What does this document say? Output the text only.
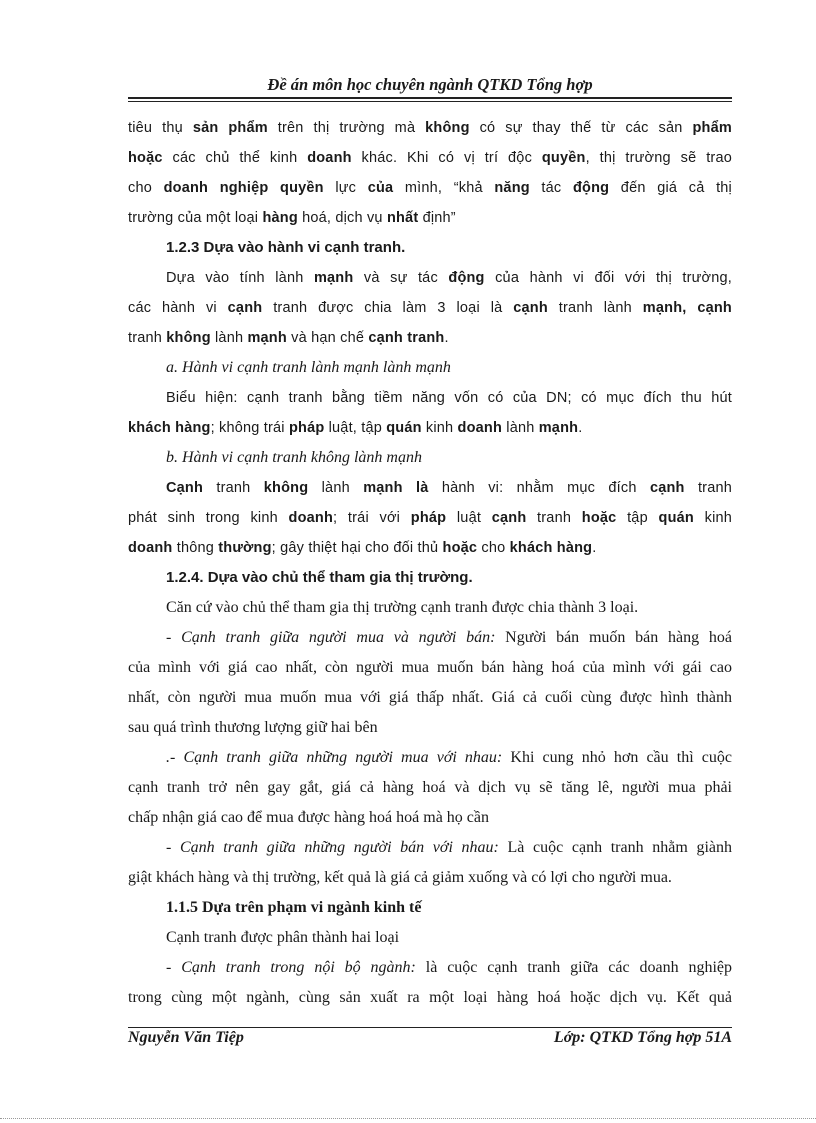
Đề án môn học chuyên ngành QTKD Tổng hợp

tiêu thụ sản phẩm trên thị trường mà không có sự thay thế từ các sản phẩm

hoặc các chủ thể kinh doanh khác. Khi có vị trí độc quyền, thị trường sẽ trao

cho doanh nghiệp quyền lực của mình, “khả năng tác động đến giá cả thị

trường của một loại hàng hoá, dịch vụ nhất định”

1.2.3 Dựa vào hành vi cạnh tranh.

Dựa vào tính lành mạnh và sự tác động của hành vi đối với thị trường,

các hành vi cạnh tranh được chia làm 3 loại là cạnh tranh lành mạnh, cạnh

tranh không lành mạnh và hạn chế cạnh tranh.

a. Hành vi cạnh tranh lành mạnh lành mạnh

Biểu hiện: cạnh tranh bằng tiềm năng vốn có của DN; có mục đích thu hút

khách hàng; không trái pháp luật, tập quán kinh doanh lành mạnh.

b. Hành vi cạnh tranh không lành mạnh

Cạnh tranh không lành mạnh là hành vi: nhằm mục đích cạnh tranh

phát sinh trong kinh doanh; trái với pháp luật cạnh tranh hoặc tập quán kinh

doanh thông thường; gây thiệt hại cho đối thủ hoặc cho khách hàng.

1.2.4. Dựa vào chủ thể tham gia thị trường.

Căn cứ vào chủ thể tham gia thị trường cạnh tranh được chia thành 3 loại.

- Cạnh tranh giữa người mua và người bán: Người bán muốn bán hàng hoá

của mình với giá cao nhất, còn người mua muốn bán hàng hoá của mình với gái cao

nhất, còn người mua muốn mua với giá thấp nhất. Giá cả cuối cùng được hình thành

sau quá trình thương lượng giữ hai bên

.- Cạnh tranh giữa những người mua với nhau: Khi cung nhỏ hơn cầu thì cuộc

cạnh tranh trở nên gay gắt, giá cả hàng hoá và dịch vụ sẽ tăng lê, người mua phải

chấp nhận giá cao để mua được hàng hoá hoá mà họ cần

- Cạnh tranh giữa những người bán với nhau: Là cuộc cạnh tranh nhằm giành

giật khách hàng và thị trường, kết quả là giá cả giảm xuống và có lợi cho người mua.

1.1.5 Dựa trên phạm vi ngành kinh tế

Cạnh tranh được phân thành hai loại

- Cạnh tranh trong nội bộ ngành: là cuộc cạnh tranh giữa các doanh nghiệp

trong cùng một ngành, cùng sản xuất ra một loại hàng hoá hoặc dịch vụ. Kết quả

Nguyễn Văn Tiệp	Lớp: QTKD Tổng hợp 51A
